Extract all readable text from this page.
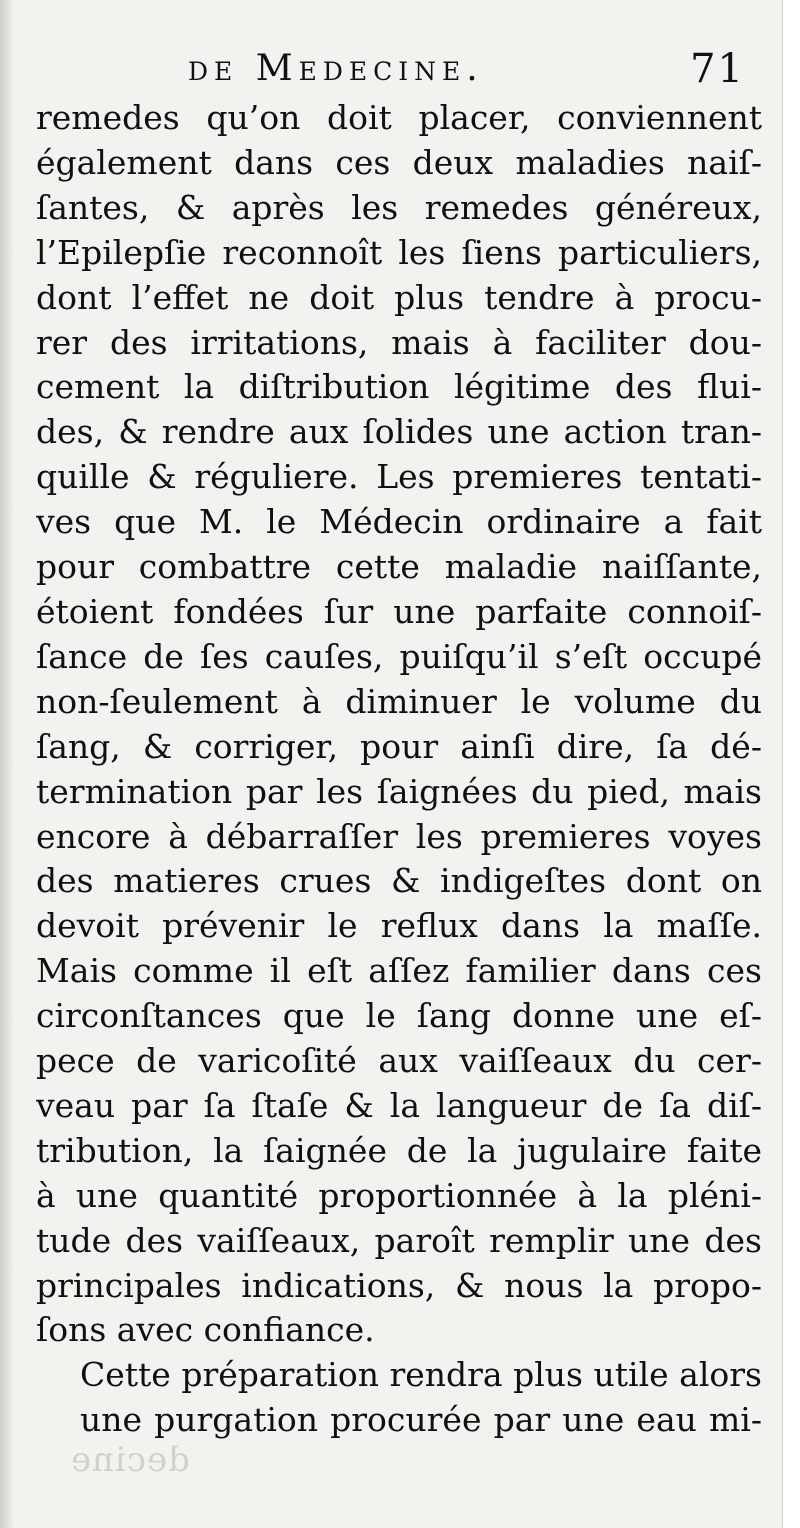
de Medecine.	71
remedes qu’on doit placer, conviennent
également dans ces deux maladies naiſ-
ſantes, & après les remedes généreux,
l’Epilepſie reconnoît les ſiens particuliers,
dont l’effet ne doit plus tendre à procu-
rer des irritations, mais à faciliter dou-
cement la diſtribution légitime des flui-
des, & rendre aux ſolides une action tran-
quille & réguliere. Les premieres tentati-
ves que M. le Médecin ordinaire a fait
pour combattre cette maladie naiſſante,
étoient fondées ſur une parfaite connoiſ-
ſance de ſes cauſes, puiſqu’il s’eſt occupé
non-ſeulement à diminuer le volume du
ſang, & corriger, pour ainſi dire, ſa dé-
termination par les ſaignées du pied, mais
encore à débarraſſer les premieres voyes
des matieres crues & indigeſtes dont on
devoit prévenir le reflux dans la maſſe.
Mais comme il eſt aſſez familier dans ces
circonſtances que le ſang donne une eſ-
pece de varicoſité aux vaiſſeaux du cer-
veau par ſa ſtaſe & la langueur de ſa diſ-
tribution, la ſaignée de la jugulaire faite
à une quantité proportionnée à la pléni-
tude des vaiſſeaux, paroît remplir une des
principales indications, & nous la propo-
ſons avec confiance.
Cette préparation rendra plus utile alors
une purgation procurée par une eau mi-
decine
